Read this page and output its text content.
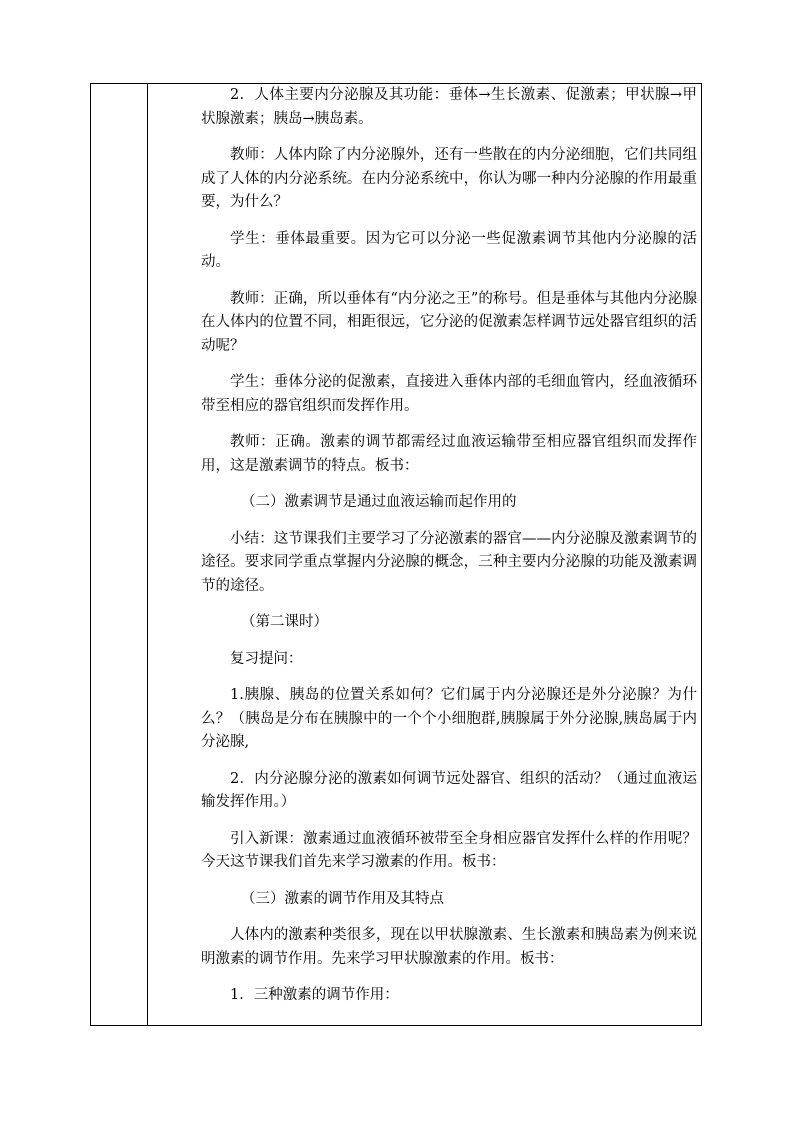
2．人体主要内分泌腺及其功能：垂体→生长激素、促激素；甲状腺→甲状腺激素；胰岛→胰岛素。

教师：人体内除了内分泌腺外，还有一些散在的内分泌细胞，它们共同组成了人体的内分泌系统。在内分泌系统中，你认为哪一种内分泌腺的作用最重要，为什么？

学生：垂体最重要。因为它可以分泌一些促激素调节其他内分泌腺的活动。

教师：正确，所以垂体有“内分泌之王”的称号。但是垂体与其他内分泌腺在人体内的位置不同，相距很远，它分泌的促激素怎样调节远处器官组织的活动呢？

学生：垂体分泌的促激素，直接进入垂体内部的毛细血管内，经血液循环带至相应的器官组织而发挥作用。

教师：正确。激素的调节都需经过血液运输带至相应器官组织而发挥作用，这是激素调节的特点。板书：

（二）激素调节是通过血液运输而起作用的

小结：这节课我们主要学习了分泌激素的器官——内分泌腺及激素调节的途径。要求同学重点掌握内分泌腺的概念，三种主要内分泌腺的功能及激素调节的途径。

（第二课时）

复习提问：

1.胰腺、胰岛的位置关系如何？它们属于内分泌腺还是外分泌腺？为什么？（胰岛是分布在胰腺中的一个个小细胞群,胰腺属于外分泌腺,胰岛属于内分泌腺,

2．内分泌腺分泌的激素如何调节远处器官、组织的活动？（通过血液运输发挥作用。）

引入新课：激素通过血液循环被带至全身相应器官发挥什么样的作用呢？今天这节课我们首先来学习激素的作用。板书：

（三）激素的调节作用及其特点

人体内的激素种类很多，现在以甲状腺激素、生长激素和胰岛素为例来说明激素的调节作用。先来学习甲状腺激素的作用。板书：

1．三种激素的调节作用：
